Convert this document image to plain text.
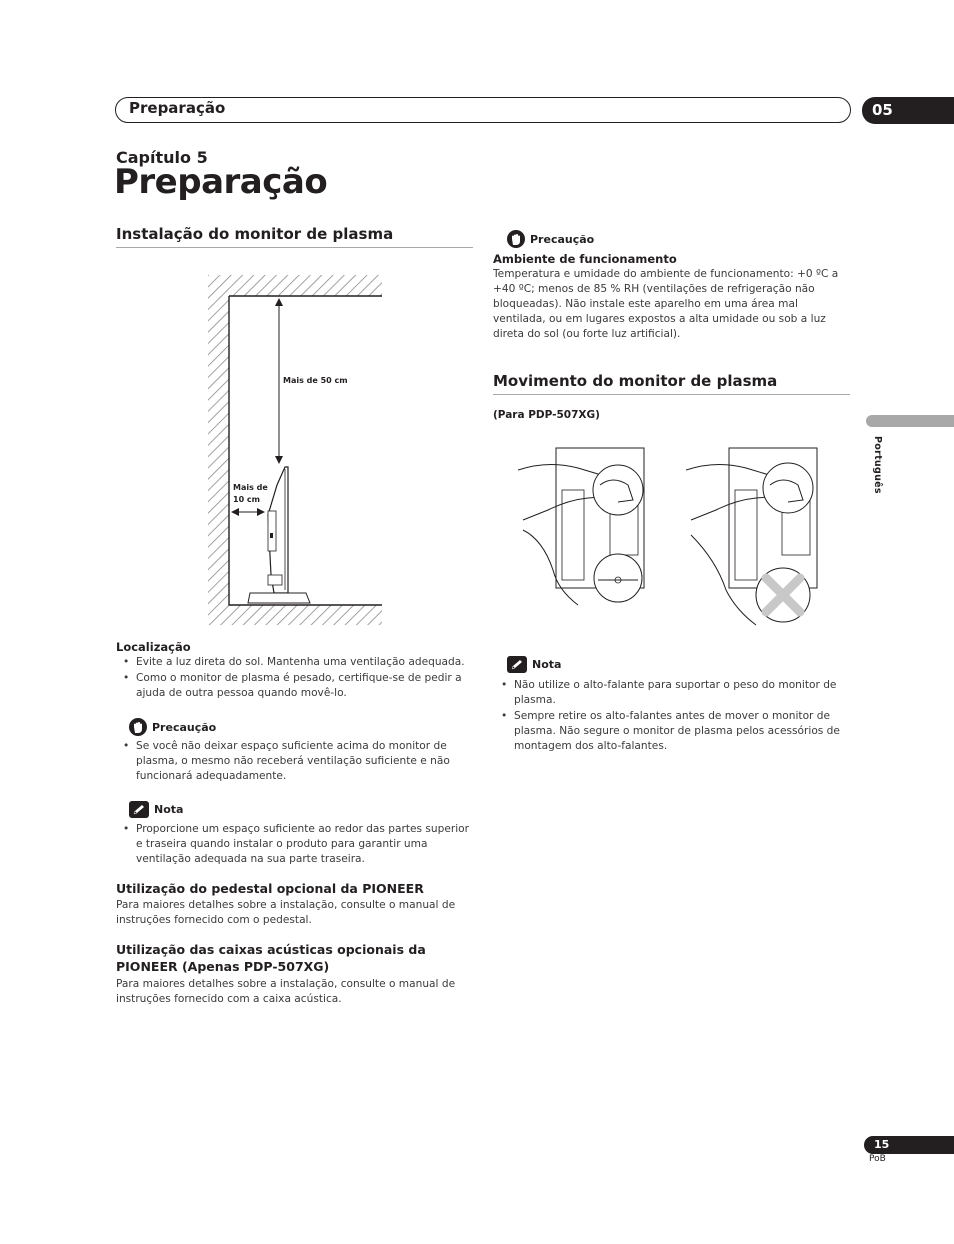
Preparação	05
Capítulo 5
Preparação
Instalação do monitor de plasma
Mais de 50 cm
Mais de
10 cm
Localização
• Evite a luz direta do sol. Mantenha uma ventilação adequada.
• Como o monitor de plasma é pesado, certifique-se de pedir a ajuda de outra pessoa quando movê-lo.
Precaução
• Se você não deixar espaço suficiente acima do monitor de plasma, o mesmo não receberá ventilação suficiente e não funcionará adequadamente.
Nota
• Proporcione um espaço suficiente ao redor das partes superior e traseira quando instalar o produto para garantir uma ventilação adequada na sua parte traseira.
Utilização do pedestal opcional da PIONEER
Para maiores detalhes sobre a instalação, consulte o manual de instruções fornecido com o pedestal.
Utilização das caixas acústicas opcionais da PIONEER (Apenas PDP-507XG)
Para maiores detalhes sobre a instalação, consulte o manual de instruções fornecido com a caixa acústica.
Precaução
Ambiente de funcionamento
Temperatura e umidade do ambiente de funcionamento: +0 ºC a +40 ºC; menos de 85 % RH (ventilações de refrigeração não bloqueadas). Não instale este aparelho em uma área mal ventilada, ou em lugares expostos a alta umidade ou sob a luz direta do sol (ou forte luz artificial).
Movimento do monitor de plasma
(Para PDP-507XG)
Nota
• Não utilize o alto-falante para suportar o peso do monitor de plasma.
• Sempre retire os alto-falantes antes de mover o monitor de plasma. Não segure o monitor de plasma pelos acessórios de montagem dos alto-falantes.
Português
15
PoB
